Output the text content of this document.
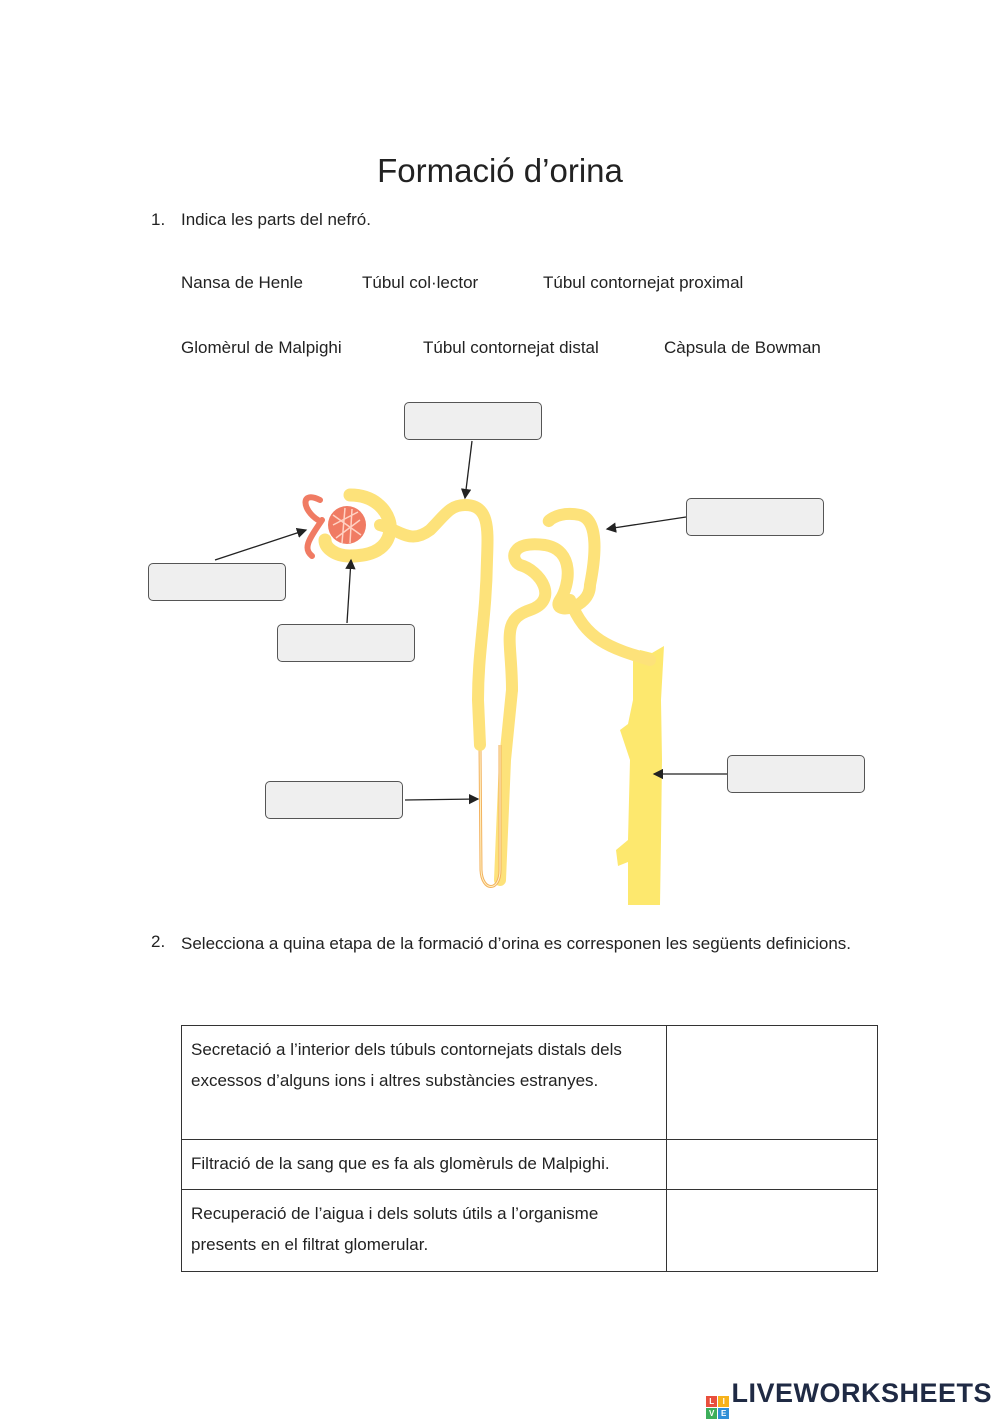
Formació d’orina
1. Indica les parts del nefró.
Nansa de Henle	Túbul col·lector	Túbul contornejat proximal
Glomèrul de Malpighi	Túbul contornejat distal	Càpsula de Bowman
2. Selecciona a quina etapa de la formació d’orina es corresponen les següents definicions.
Secretació a l’interior dels túbuls contornejats distals dels excessos d’alguns ions i altres substàncies estranyes.	
Filtració de la sang que es fa als glomèruls de Malpighi.	
Recuperació de l’aigua i dels soluts útils a l’organisme presents en el filtrat glomerular.	
L I
V E
LIVEWORKSHEETS
